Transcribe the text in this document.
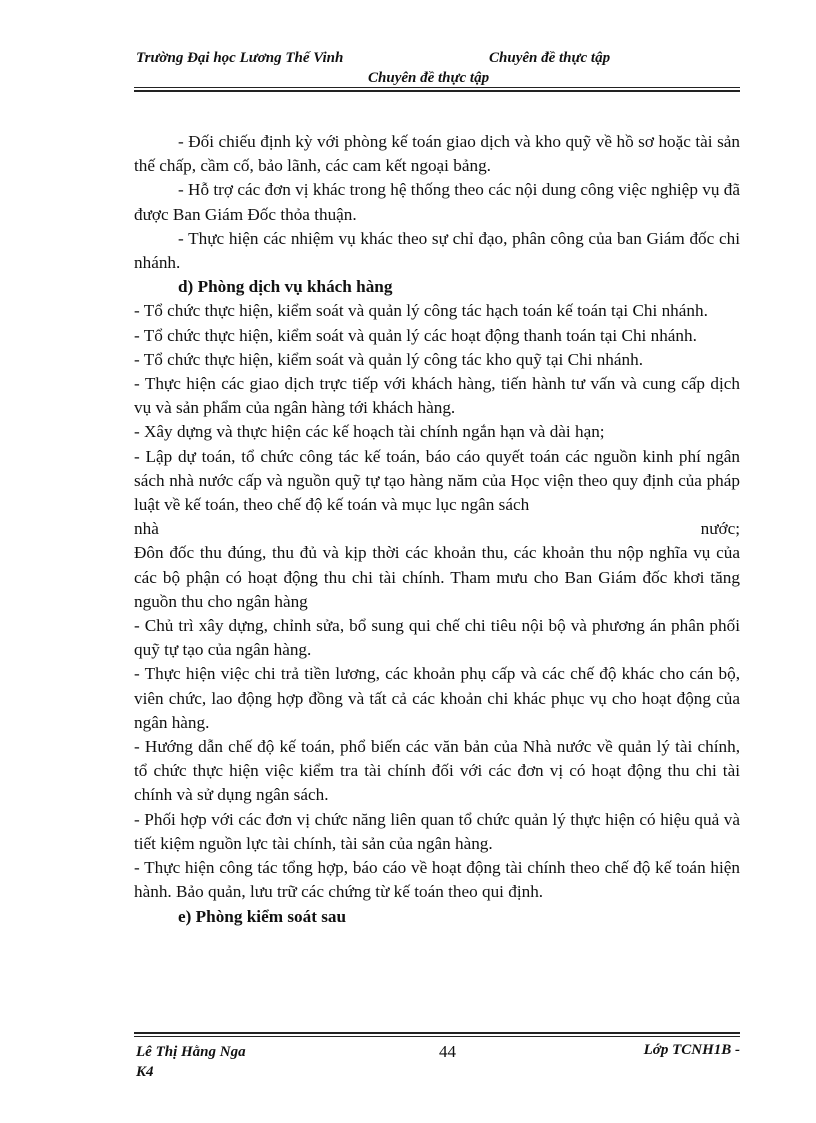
Trường Đại học Lương Thế Vinh	Chuyên đề thực tập
Chuyên đề thực tập

- Đối chiếu định kỳ với phòng kế toán giao dịch và kho quỹ về hồ sơ hoặc tài sản thế chấp, cầm cố, bảo lãnh, các cam kết ngoại bảng.

- Hỗ trợ các đơn vị khác trong hệ thống theo các nội dung công việc nghiệp vụ đã được Ban Giám Đốc thỏa thuận.

- Thực hiện các nhiệm vụ khác theo sự chỉ đạo, phân công của ban Giám đốc chi nhánh.

d) Phòng dịch vụ khách hàng

- Tổ chức thực hiện, kiểm soát và quản lý công tác hạch toán kế toán tại Chi nhánh.

- Tổ chức thực hiện, kiểm soát và quản lý các hoạt động thanh toán tại Chi nhánh.

- Tổ chức thực hiện, kiểm soát và quản lý công tác kho quỹ tại Chi nhánh.

- Thực hiện các giao dịch trực tiếp với khách hàng, tiến hành tư vấn và cung cấp dịch vụ và sản phẩm của ngân hàng tới khách hàng.

- Xây dựng và thực hiện các kế hoạch tài chính ngắn hạn và dài hạn;

- Lập dự toán, tổ chức công tác kế toán, báo cáo quyết toán các nguồn kinh phí ngân sách nhà nước cấp và nguồn quỹ tự tạo hàng năm của Học viện theo quy định của pháp luật về kế toán, theo chế độ kế toán và mục lục ngân sách

nhà	nước;

Đôn đốc thu đúng, thu đủ và kịp thời các khoản thu, các khoản thu nộp nghĩa vụ của các bộ phận có hoạt động thu chi tài chính. Tham mưu cho Ban Giám đốc khơi tăng nguồn thu cho ngân hàng

- Chủ trì xây dựng, chỉnh sửa, bổ sung qui chế chi tiêu nội bộ và phương án phân phối quỹ tự tạo của ngân hàng.

- Thực hiện việc chi trả tiền lương, các khoản phụ cấp và các chế độ khác cho cán bộ, viên chức, lao động hợp đồng và tất cả các khoản chi khác phục vụ cho hoạt động của ngân hàng.

- Hướng dẫn chế độ kế toán, phổ biến các văn bản của Nhà nước về quản lý tài chính, tổ chức thực hiện việc kiểm tra tài chính đối với các đơn vị có hoạt động thu chi tài chính và sử dụng ngân sách.

- Phối hợp với các đơn vị chức năng liên quan tổ chức quản lý thực hiện có hiệu quả và tiết kiệm nguồn lực tài chính, tài sản của ngân hàng.

- Thực hiện công tác tổng hợp, báo cáo về hoạt động tài chính theo chế độ kế toán hiện hành. Bảo quản, lưu trữ các chứng từ kế toán theo qui định.

e) Phòng kiểm soát sau

Lê Thị Hằng Nga
K4
44	Lớp TCNH1B -
